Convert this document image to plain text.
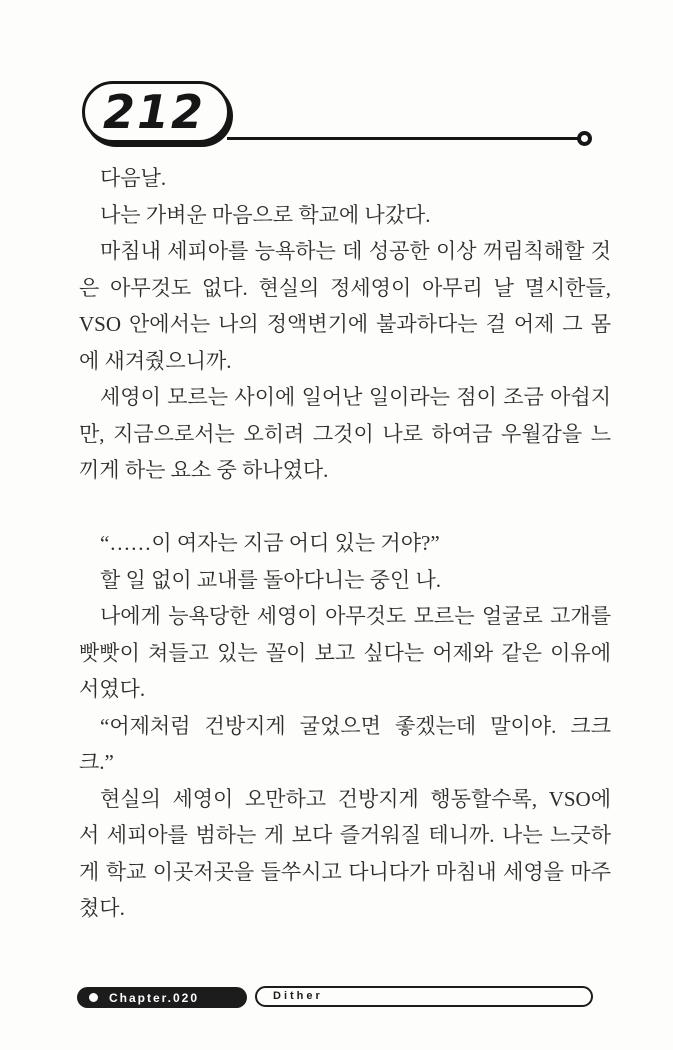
212
다음날.
나는 가벼운 마음으로 학교에 나갔다.
마침내 세피아를 능욕하는 데 성공한 이상 꺼림칙해할 것
은 아무것도 없다. 현실의 정세영이 아무리 날 멸시한들,
VSO 안에서는 나의 정액변기에 불과하다는 걸 어제 그 몸
에 새겨줬으니까.
세영이 모르는 사이에 일어난 일이라는 점이 조금 아쉽지
만, 지금으로서는 오히려 그것이 나로 하여금 우월감을 느
끼게 하는 요소 중 하나였다.

“……이 여자는 지금 어디 있는 거야?”
할 일 없이 교내를 돌아다니는 중인 나.
나에게 능욕당한 세영이 아무것도 모르는 얼굴로 고개를
빳빳이 쳐들고 있는 꼴이 보고 싶다는 어제와 같은 이유에
서였다.
“어제처럼 건방지게 굴었으면 좋겠는데 말이야. 크크
크.”
현실의 세영이 오만하고 건방지게 행동할수록, VSO에
서 세피아를 범하는 게 보다 즐거워질 테니까. 나는 느긋하
게 학교 이곳저곳을 들쑤시고 다니다가 마침내 세영을 마주
쳤다.
Chapter.020	Dither
